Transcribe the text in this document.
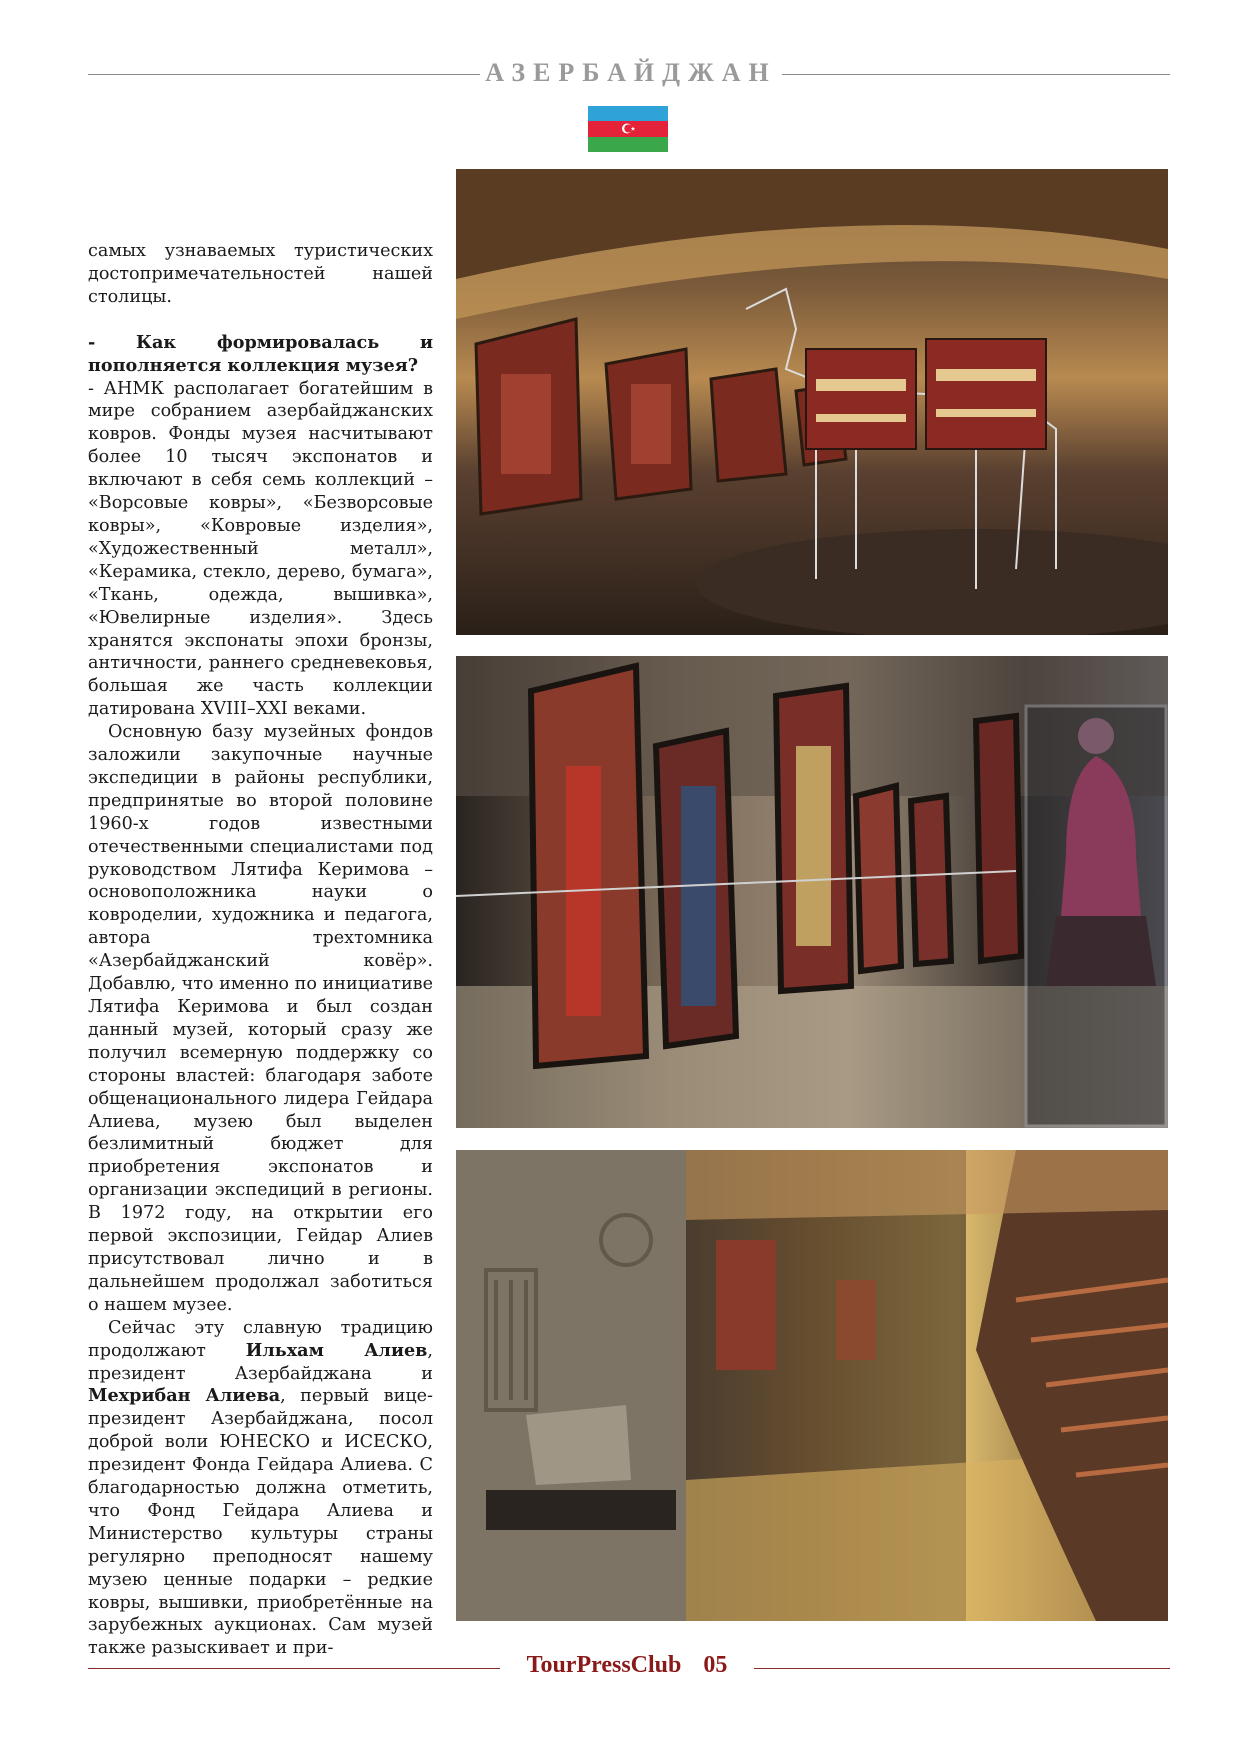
АЗЕРБАЙДЖАН

самых узнаваемых туристических достопримечательностей нашей столицы.

- Как формировалась и пополняется коллекция музея?

- АНМК располагает богатейшим в мире собранием азербайджанских ковров. Фонды музея насчитывают более 10 тысяч экспонатов и включают в себя семь коллекций – «Ворсовые ковры», «Безворсовые ковры», «Ковровые изделия», «Художественный металл», «Керамика, стекло, дерево, бумага», «Ткань, одежда, вышивка», «Ювелирные изделия». Здесь хранятся экспонаты эпохи бронзы, античности, раннего средневековья, большая же часть коллекции датирована XVIII–XXI веками.

Основную базу музейных фондов заложили закупочные научные экспедиции в районы республики, предпринятые во второй половине 1960-х годов известными отечественными специалистами под руководством Лятифа Керимова – основоположника науки о ковроделии, художника и педагога, автора трехтомника «Азербайджанский ковёр». Добавлю, что именно по инициативе Лятифа Керимова и был создан данный музей, который сразу же получил всемерную поддержку со стороны властей: благодаря заботе общенационального лидера Гейдара Алиева, музею был выделен безлимитный бюджет для приобретения экспонатов и организации экспедиций в регионы. В 1972 году, на открытии его первой экспозиции, Гейдар Алиев присутствовал лично и в дальнейшем продолжал заботиться о нашем музее.

Сейчас эту славную традицию продолжают Ильхам Алиев, президент Азербайджана и Мехрибан Алиева, первый вице-президент Азербайджана, посол доброй воли ЮНЕСКО и ИСЕСКО, президент Фонда Гейдара Алиева. С благодарностью должна отметить, что Фонд Гейдара Алиева и Министерство культуры страны регулярно преподносят нашему музею ценные подарки – редкие ковры, вышивки, приобретённые на зарубежных аукционах. Сам музей также разыскивает и при-

TourPressClub 05
